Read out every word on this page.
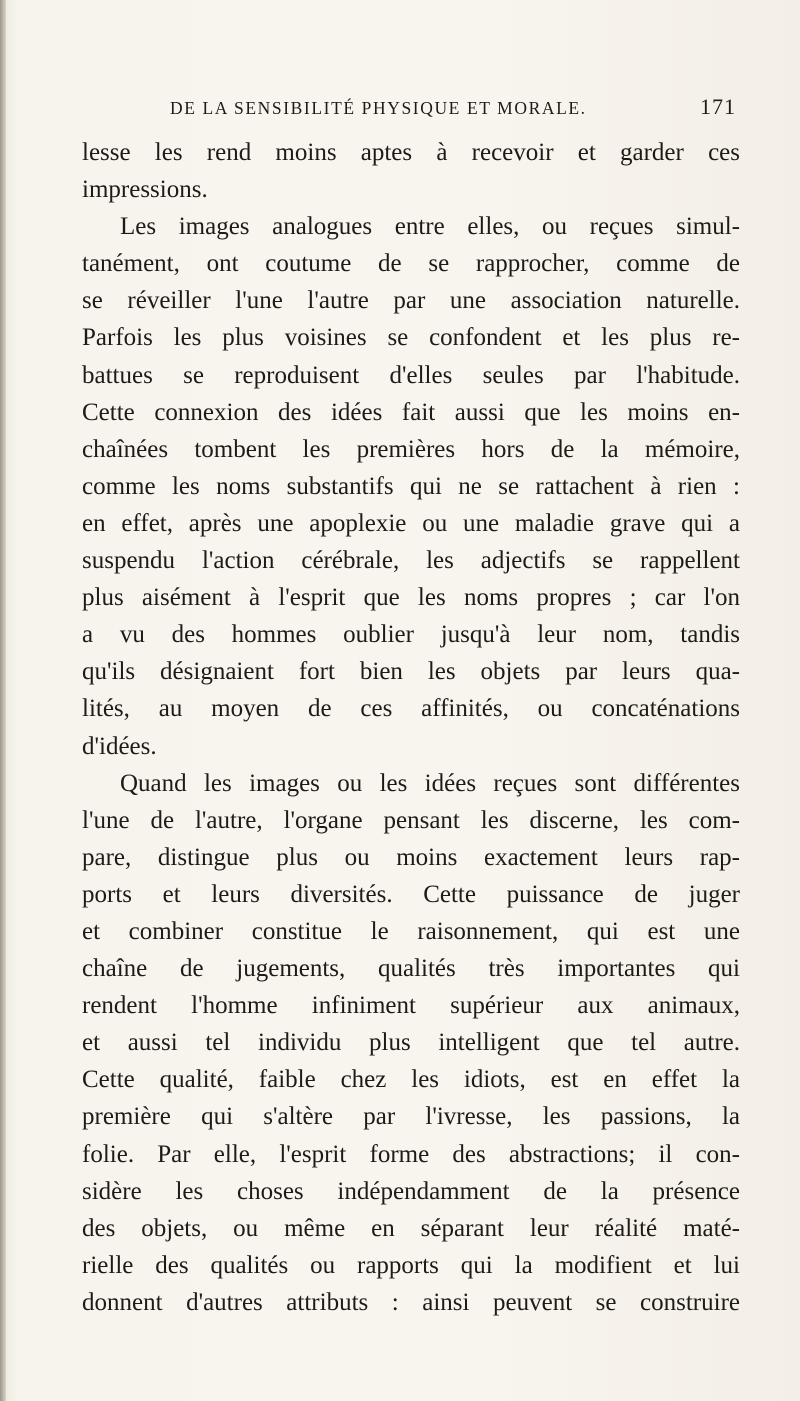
DE LA SENSIBILITÉ PHYSIQUE ET MORALE.	171
lesse les rend moins aptes à recevoir et garder ces
impressions.
Les images analogues entre elles, ou reçues simul-
tanément, ont coutume de se rapprocher, comme de
se réveiller l'une l'autre par une association naturelle.
Parfois les plus voisines se confondent et les plus re-
battues se reproduisent d'elles seules par l'habitude.
Cette connexion des idées fait aussi que les moins en-
chaînées tombent les premières hors de la mémoire,
comme les noms substantifs qui ne se rattachent à rien :
en effet, après une apoplexie ou une maladie grave qui a
suspendu l'action cérébrale, les adjectifs se rappellent
plus aisément à l'esprit que les noms propres ; car l'on
a vu des hommes oublier jusqu'à leur nom, tandis
qu'ils désignaient fort bien les objets par leurs qua-
lités, au moyen de ces affinités, ou concaténations
d'idées.
Quand les images ou les idées reçues sont différentes
l'une de l'autre, l'organe pensant les discerne, les com-
pare, distingue plus ou moins exactement leurs rap-
ports et leurs diversités. Cette puissance de juger
et combiner constitue le raisonnement, qui est une
chaîne de jugements, qualités très importantes qui
rendent l'homme infiniment supérieur aux animaux,
et aussi tel individu plus intelligent que tel autre.
Cette qualité, faible chez les idiots, est en effet la
première qui s'altère par l'ivresse, les passions, la
folie. Par elle, l'esprit forme des abstractions; il con-
sidère les choses indépendamment de la présence
des objets, ou même en séparant leur réalité maté-
rielle des qualités ou rapports qui la modifient et lui
donnent d'autres attributs : ainsi peuvent se construire
